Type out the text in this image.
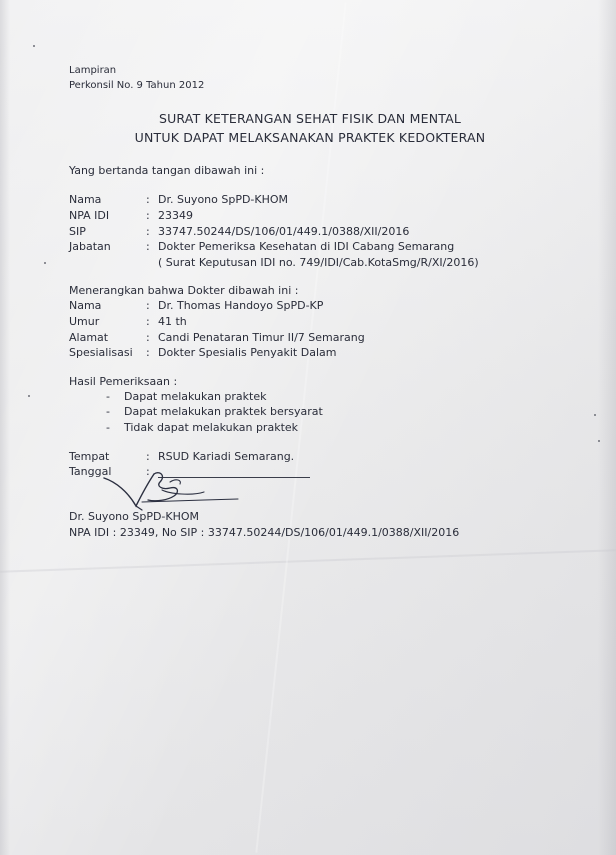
Lampiran
Perkonsil No. 9 Tahun 2012
SURAT KETERANGAN SEHAT FISIK DAN MENTAL
UNTUK DAPAT MELAKSANAKAN PRAKTEK KEDOKTERAN
Yang bertanda tangan dibawah ini :
Nama	: Dr. Suyono SpPD-KHOM
NPA IDI	: 23349
SIP	: 33747.50244/DS/106/01/449.1/0388/XII/2016
Jabatan	: Dokter Pemeriksa Kesehatan di IDI Cabang Semarang
( Surat Keputusan IDI no. 749/IDI/Cab.KotaSmg/R/XI/2016)
Menerangkan bahwa Dokter dibawah ini :
Nama	: Dr. Thomas Handoyo SpPD-KP
Umur	: 41 th
Alamat	: Candi Penataran Timur II/7 Semarang
Spesialisasi : Dokter Spesialis Penyakit Dalam
Hasil Pemeriksaan :
- Dapat melakukan praktek
- Dapat melakukan praktek bersyarat
- Tidak dapat melakukan praktek
Tempat	: RSUD Kariadi Semarang.
Tanggal	:
Dr. Suyono SpPD-KHOM
NPA IDI : 23349, No SIP : 33747.50244/DS/106/01/449.1/0388/XII/2016
